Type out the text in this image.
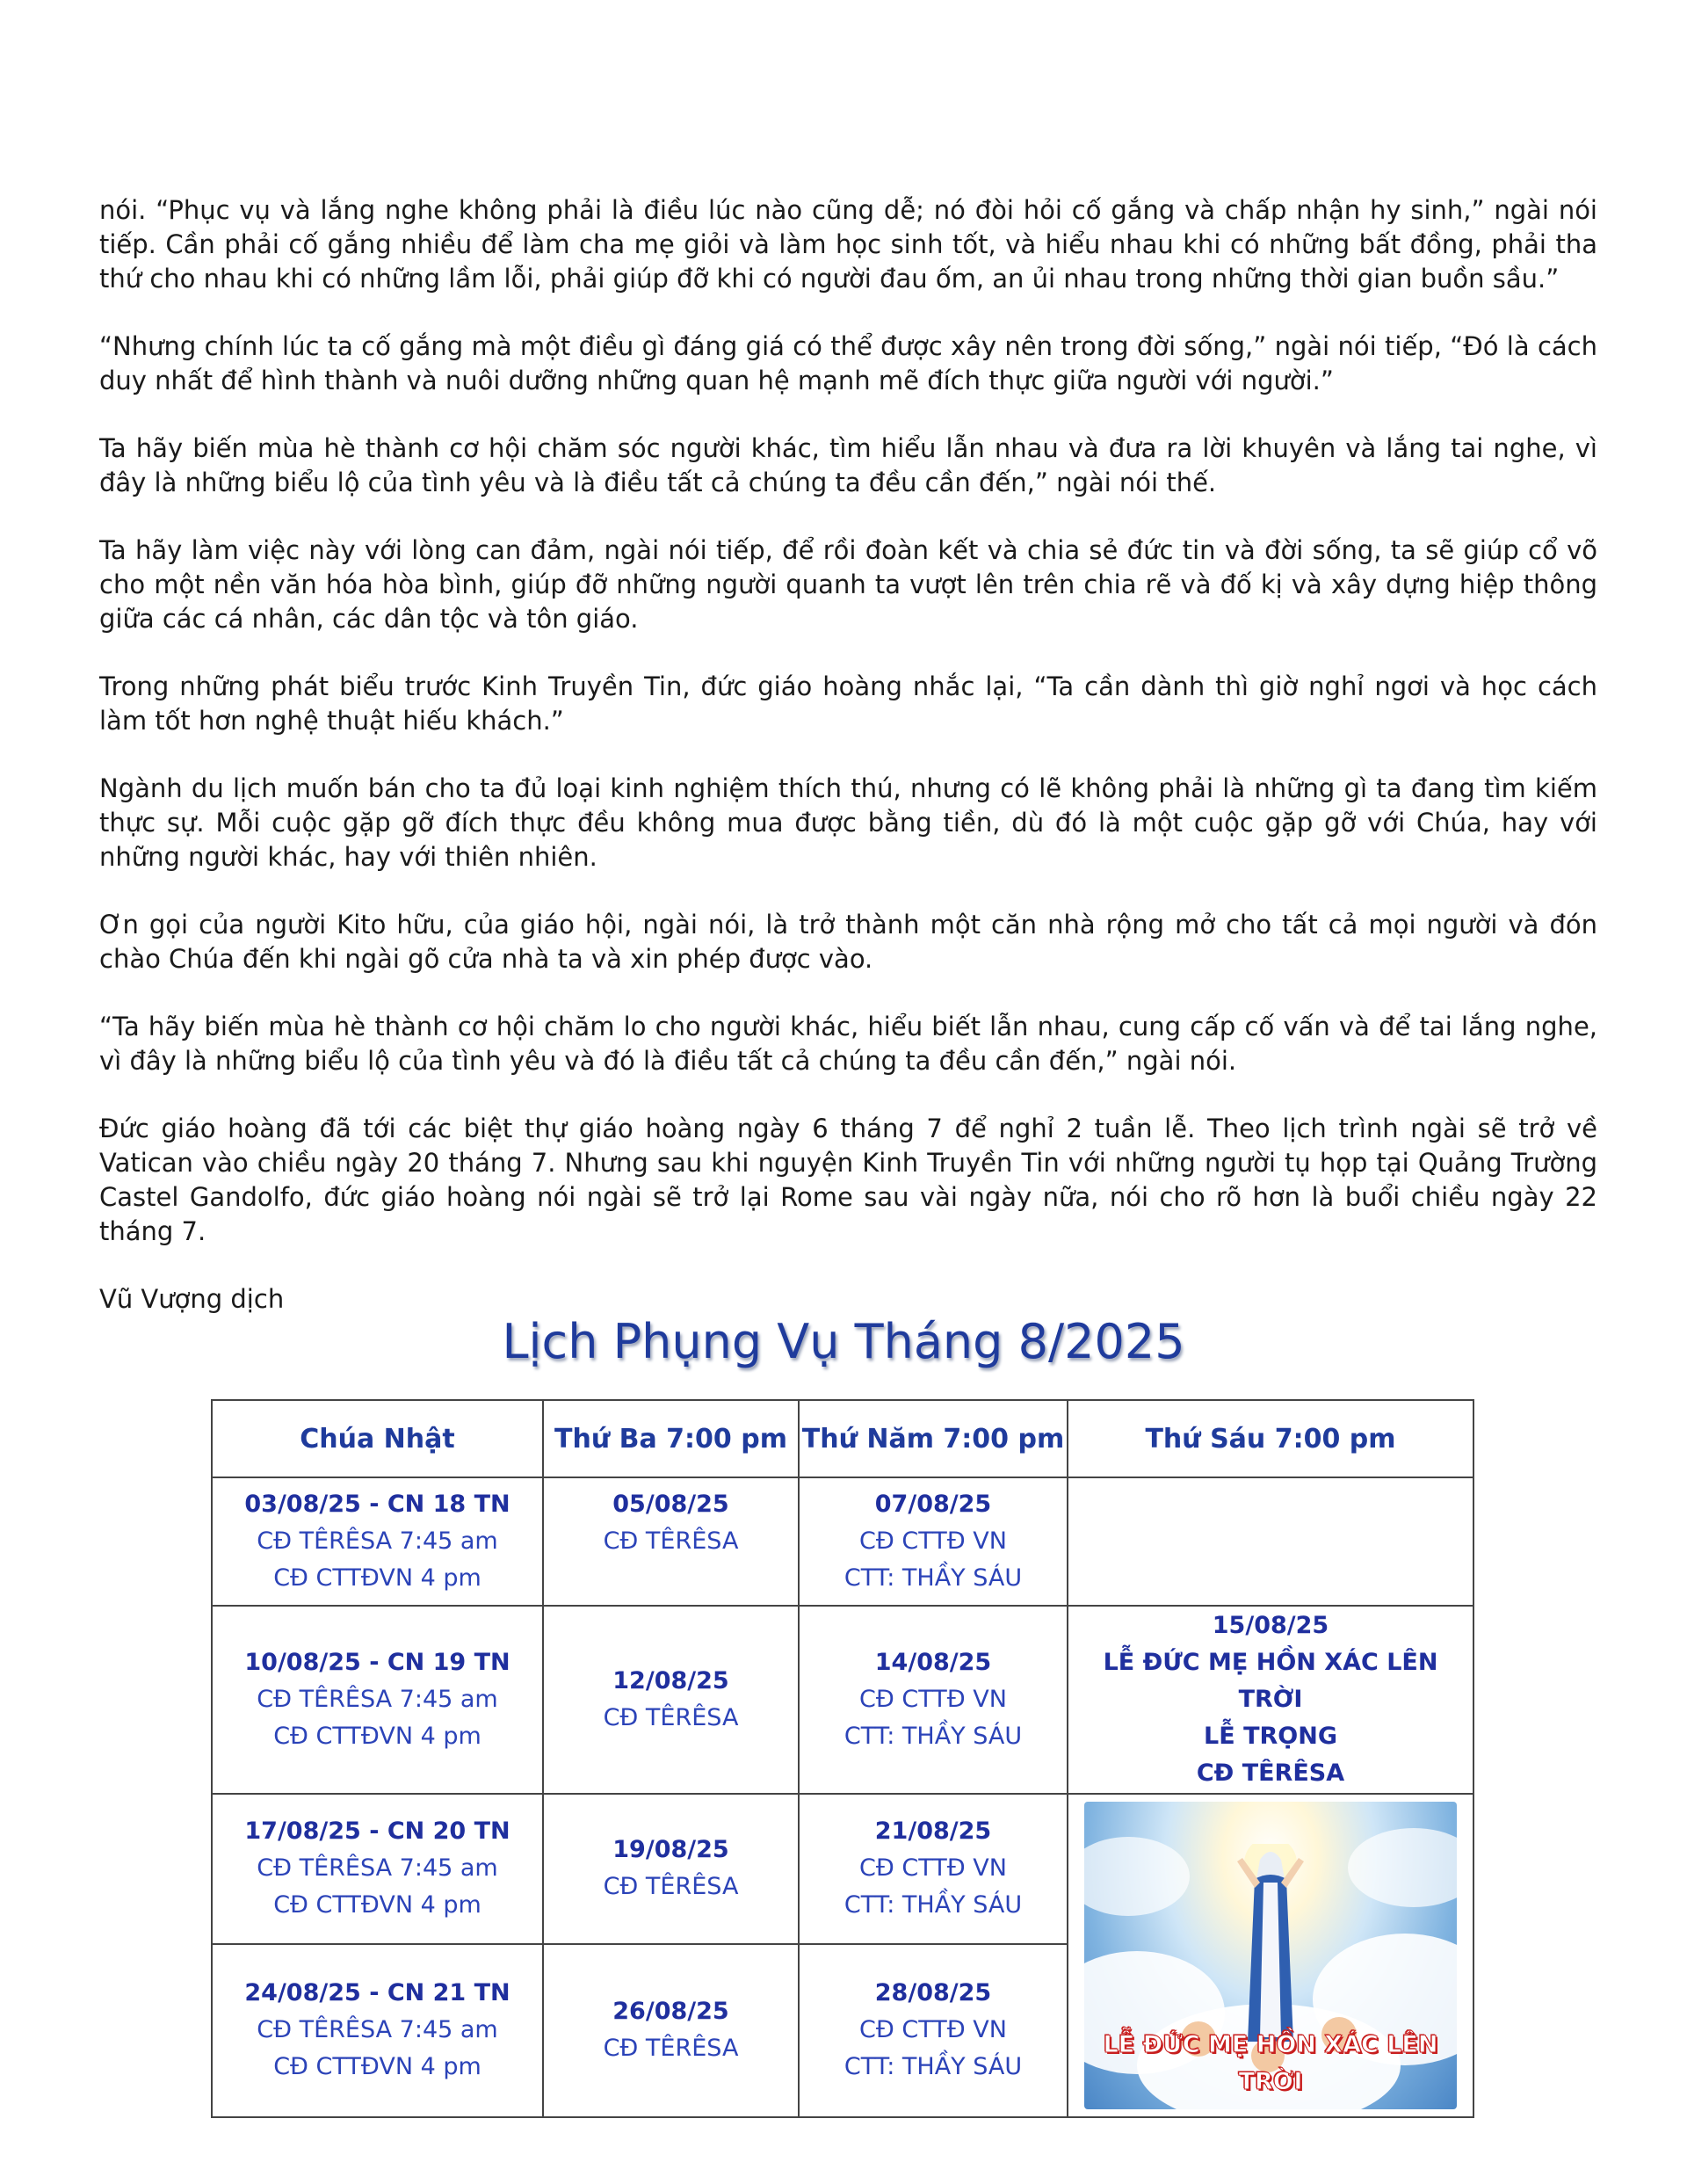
nói. “Phục vụ và lắng nghe không phải là điều lúc nào cũng dễ; nó đòi hỏi cố gắng và chấp nhận hy sinh,” ngài nói tiếp. Cần phải cố gắng nhiều để làm cha mẹ giỏi và làm học sinh tốt, và hiểu nhau khi có những bất đồng, phải tha thứ cho nhau khi có những lầm lỗi, phải giúp đỡ khi có người đau ốm, an ủi nhau trong những thời gian buồn sầu.”

“Nhưng chính lúc ta cố gắng mà một điều gì đáng giá có thể được xây nên trong đời sống,” ngài nói tiếp, “Đó là cách duy nhất để hình thành và nuôi dưỡng những quan hệ mạnh mẽ đích thực giữa người với người.”

Ta hãy biến mùa hè thành cơ hội chăm sóc người khác, tìm hiểu lẫn nhau và đưa ra lời khuyên và lắng tai nghe, vì đây là những biểu lộ của tình yêu và là điều tất cả chúng ta đều cần đến,” ngài nói thế.

Ta hãy làm việc này với lòng can đảm, ngài nói tiếp, để rồi đoàn kết và chia sẻ đức tin và đời sống, ta sẽ giúp cổ võ cho một nền văn hóa hòa bình, giúp đỡ những người quanh ta vượt lên trên chia rẽ và đố kị và xây dựng hiệp thông giữa các cá nhân, các dân tộc và tôn giáo.

Trong những phát biểu trước Kinh Truyền Tin, đức giáo hoàng nhắc lại, “Ta cần dành thì giờ nghỉ ngơi và học cách làm tốt hơn nghệ thuật hiếu khách.”

Ngành du lịch muốn bán cho ta đủ loại kinh nghiệm thích thú, nhưng có lẽ không phải là những gì ta đang tìm kiếm thực sự. Mỗi cuộc gặp gỡ đích thực đều không mua được bằng tiền, dù đó là một cuộc gặp gỡ với Chúa, hay với những người khác, hay với thiên nhiên.

Ơn gọi của người Kito hữu, của giáo hội, ngài nói, là trở thành một căn nhà rộng mở cho tất cả mọi người và đón chào Chúa đến khi ngài gõ cửa nhà ta và xin phép được vào.

“Ta hãy biến mùa hè thành cơ hội chăm lo cho người khác, hiểu biết lẫn nhau, cung cấp cố vấn và để tai lắng nghe, vì đây là những biểu lộ của tình yêu và đó là điều tất cả chúng ta đều cần đến,” ngài nói.

Đức giáo hoàng đã tới các biệt thự giáo hoàng ngày 6 tháng 7 để nghỉ 2 tuần lễ. Theo lịch trình ngài sẽ trở về Vatican vào chiều ngày 20 tháng 7. Nhưng sau khi nguyện Kinh Truyền Tin với những người tụ họp tại Quảng Trường Castel Gandolfo, đức giáo hoàng nói ngài sẽ trở lại Rome sau vài ngày nữa, nói cho rõ hơn là buổi chiều ngày 22 tháng 7.

Vũ Vượng dịch

Lịch Phụng Vụ Tháng 8/2025
Chúa Nhật	Thứ Ba 7:00 pm	Thứ Năm 7:00 pm	Thứ Sáu 7:00 pm

03/08/25 - CN 18 TN
CĐ TÊRÊSA 7:45 am
CĐ CTTĐVN 4 pm	05/08/25
CĐ TÊRÊSA	07/08/25
CĐ CTTĐ VN
CTT: THẦY SÁU	

10/08/25 - CN 19 TN
CĐ TÊRÊSA 7:45 am
CĐ CTTĐVN 4 pm	12/08/25
CĐ TÊRÊSA	14/08/25
CĐ CTTĐ VN
CTT: THẦY SÁU	15/08/25
LỄ ĐỨC MẸ HỒN XÁC LÊN TRỜI
LỄ TRỌNG
CĐ TÊRÊSA

17/08/25 - CN 20 TN
CĐ TÊRÊSA 7:45 am
CĐ CTTĐVN 4 pm	19/08/25
CĐ TÊRÊSA	21/08/25
CĐ CTTĐ VN
CTT: THẦY SÁU	LỄ ĐỨC MẸ HỒN XÁC LÊN TRỜI

24/08/25 - CN 21 TN
CĐ TÊRÊSA 7:45 am
CĐ CTTĐVN 4 pm	26/08/25
CĐ TÊRÊSA	28/08/25
CĐ CTTĐ VN
CTT: THẦY SÁU	
